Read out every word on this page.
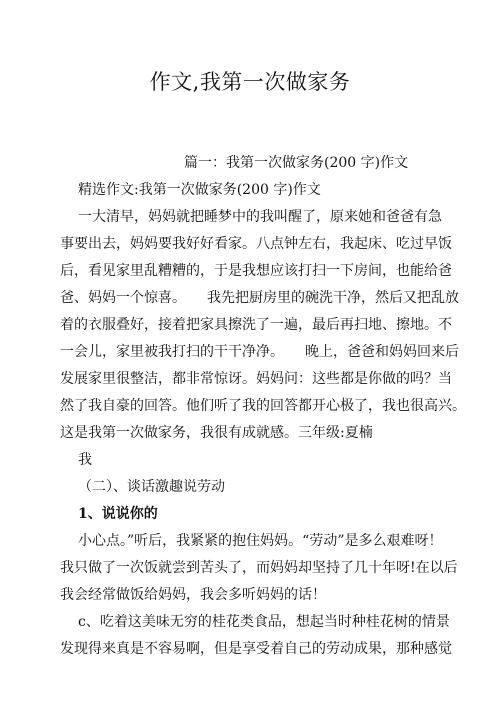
作文,我第一次做家务
篇一：我第一次做家务(200 字)作文
精选作文:我第一次做家务(200 字)作文
一大清早，妈妈就把睡梦中的我叫醒了，原来她和爸爸有急
事要出去，妈妈要我好好看家。八点钟左右，我起床、吃过早饭
后，看见家里乱糟糟的，于是我想应该打扫一下房间，也能给爸
爸、妈妈一个惊喜。　　我先把厨房里的碗洗干净，然后又把乱放
着的衣服叠好，接着把家具擦洗了一遍，最后再扫地、擦地。不
一会儿，家里被我打扫的干干净净。　　晚上，爸爸和妈妈回来后
发展家里很整洁，都非常惊讶。妈妈问：这些都是你做的吗？当
然了我自豪的回答。他们听了我的回答都开心极了，我也很高兴。
这是我第一次做家务，我很有成就感。三年级:夏楠
我
（二）、谈话激趣说劳动
1、说说你的
小心点。”听后，我紧紧的抱住妈妈。“劳动”是多么艰难呀！
我只做了一次饭就尝到苦头了，而妈妈却坚持了几十年呀!在以后
我会经常做饭给妈妈，我会多听妈妈的话！
c、吃着这美味无穷的桂花类食品，想起当时种桂花树的情景
发现得来真是不容易啊，但是享受着自己的劳动成果，那种感觉
